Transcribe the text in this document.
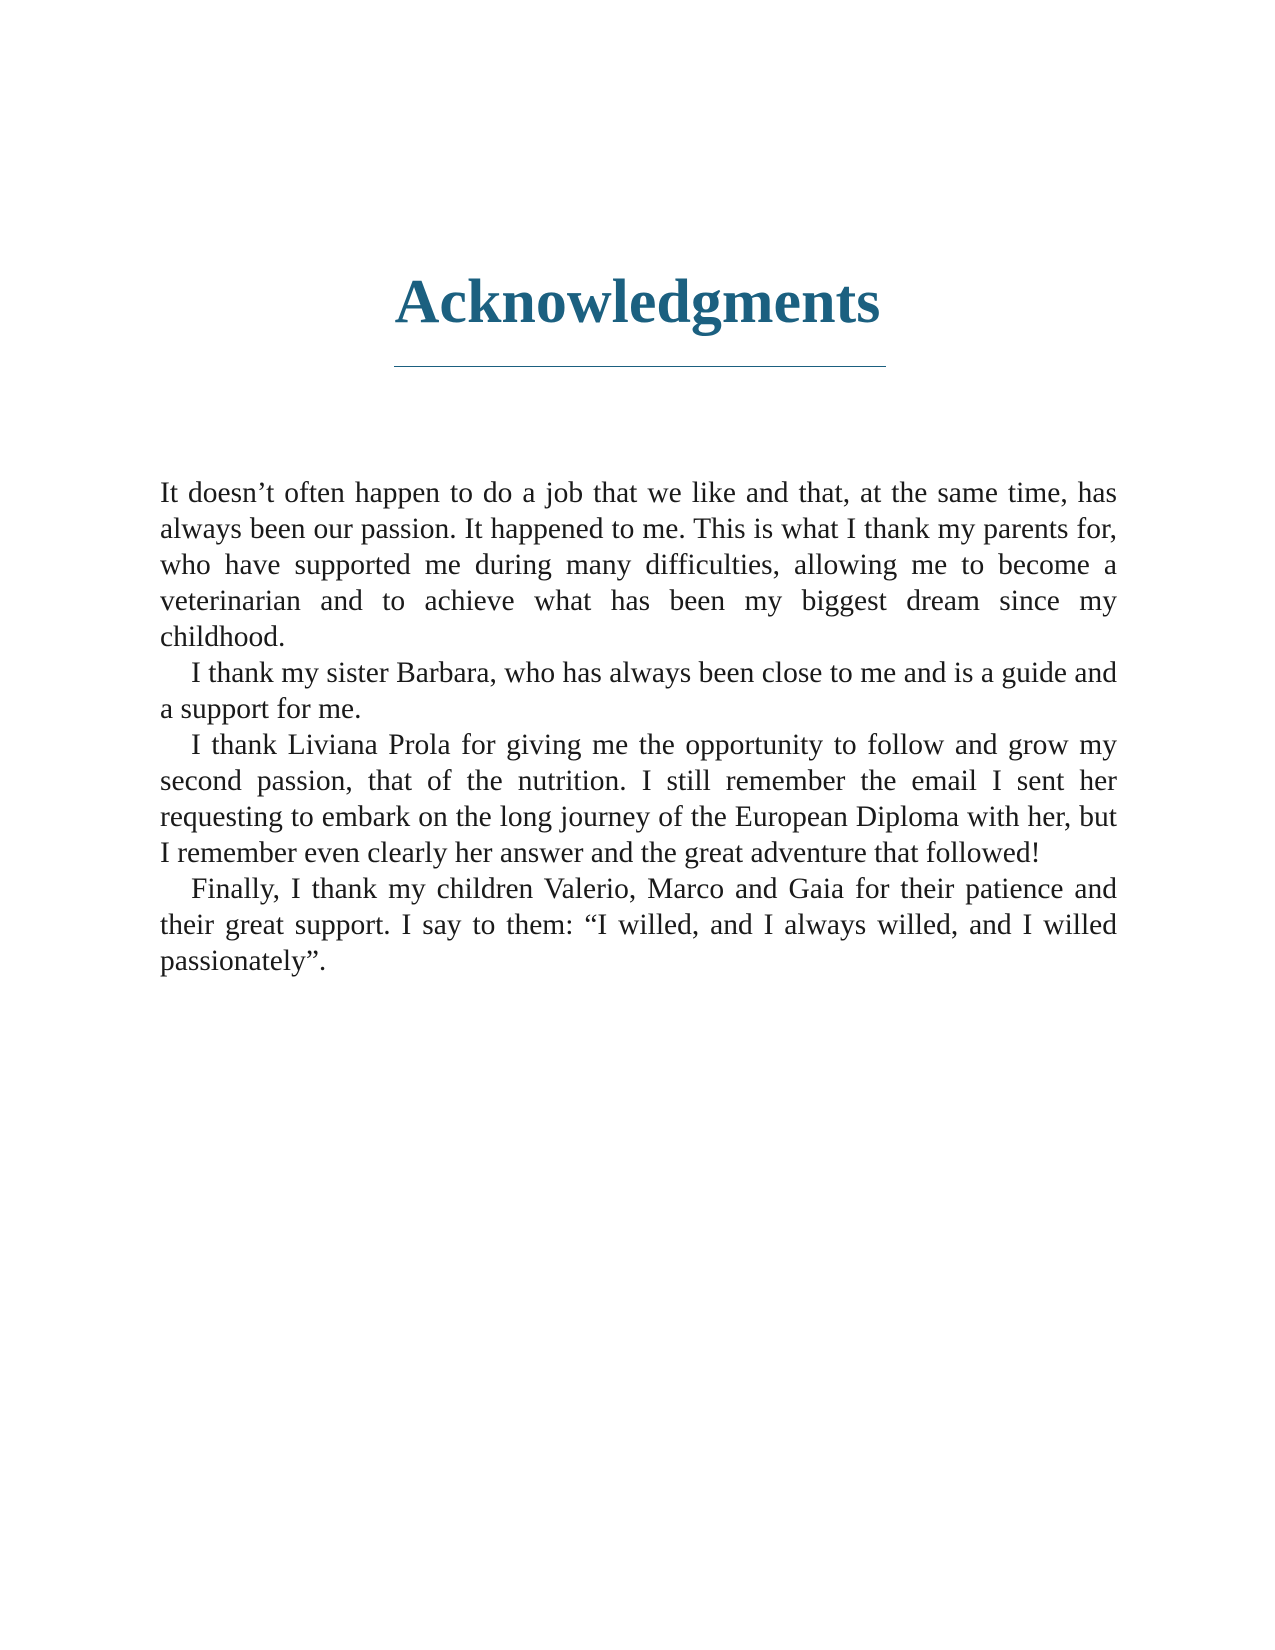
Acknowledgments

It doesn’t often happen to do a job that we like and that, at the same time, has always been our passion. It happened to me. This is what I thank my parents for, who have supported me during many difficulties, allowing me to become a veterinarian and to achieve what has been my biggest dream since my childhood.

I thank my sister Barbara, who has always been close to me and is a guide and a support for me.

I thank Liviana Prola for giving me the opportunity to follow and grow my second passion, that of the nutrition. I still remember the email I sent her requesting to embark on the long journey of the European Diploma with her, but I remember even clearly her answer and the great adventure that followed!

Finally, I thank my children Valerio, Marco and Gaia for their patience and their great support. I say to them: “I willed, and I always willed, and I willed passionately”.
